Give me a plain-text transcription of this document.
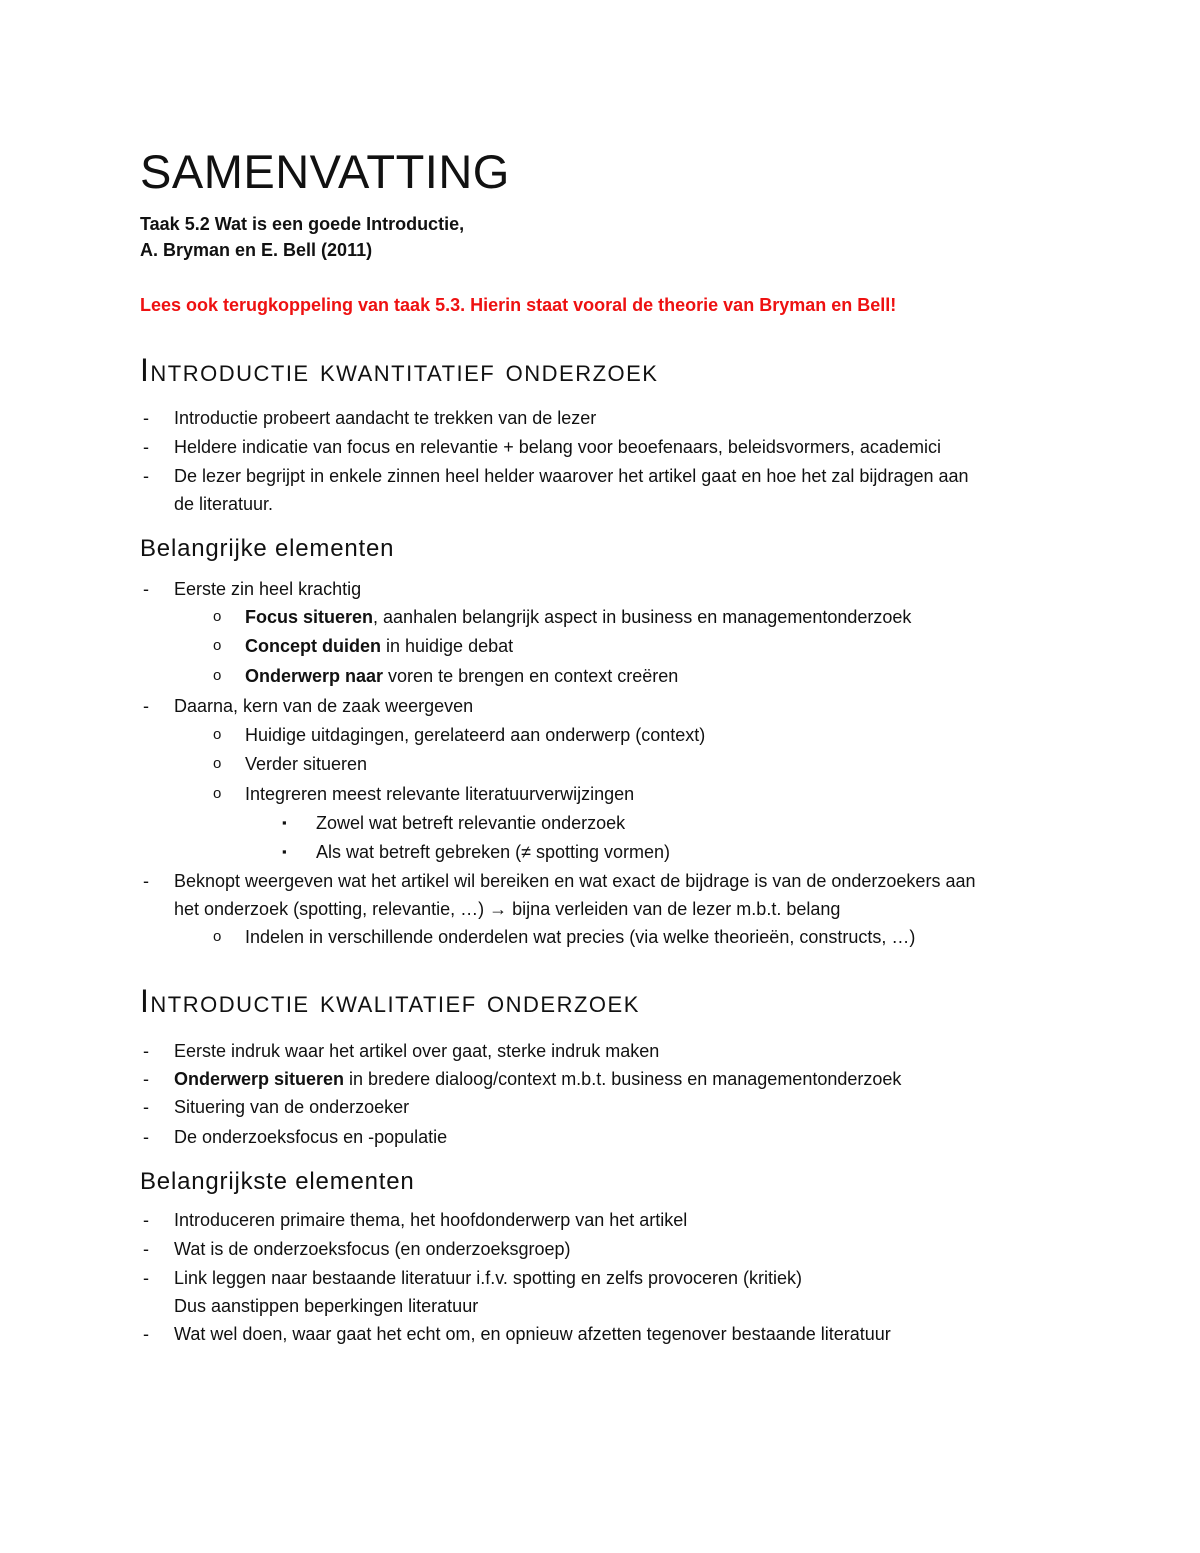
SAMENVATTING
Taak 5.2 Wat is een goede Introductie,
A. Bryman en E. Bell (2011)
Lees ook terugkoppeling van taak 5.3. Hierin staat vooral de theorie van Bryman en Bell!
Introductie kwantitatief onderzoek
- Introductie probeert aandacht te trekken van de lezer
- Heldere indicatie van focus en relevantie + belang voor beoefenaars, beleidsvormers, academici
- De lezer begrijpt in enkele zinnen heel helder waarover het artikel gaat en hoe het zal bijdragen aan
de literatuur.
Belangrijke elementen
- Eerste zin heel krachtig
o Focus situeren, aanhalen belangrijk aspect in business en managementonderzoek
o Concept duiden in huidige debat
o Onderwerp naar voren te brengen en context creëren
- Daarna, kern van de zaak weergeven
o Huidige uitdagingen, gerelateerd aan onderwerp (context)
o Verder situeren
o Integreren meest relevante literatuurverwijzingen
▪ Zowel wat betreft relevantie onderzoek
▪ Als wat betreft gebreken (≠ spotting vormen)
- Beknopt weergeven wat het artikel wil bereiken en wat exact de bijdrage is van de onderzoekers aan
het onderzoek (spotting, relevantie, …) → bijna verleiden van de lezer m.b.t. belang
o Indelen in verschillende onderdelen wat precies (via welke theorieën, constructs, …)
Introductie kwalitatief onderzoek
- Eerste indruk waar het artikel over gaat, sterke indruk maken
- Onderwerp situeren in bredere dialoog/context m.b.t. business en managementonderzoek
- Situering van de onderzoeker
- De onderzoeksfocus en -populatie
Belangrijkste elementen
- Introduceren primaire thema, het hoofdonderwerp van het artikel
- Wat is de onderzoeksfocus (en onderzoeksgroep)
- Link leggen naar bestaande literatuur i.f.v. spotting en zelfs provoceren (kritiek)
Dus aanstippen beperkingen literatuur
- Wat wel doen, waar gaat het echt om, en opnieuw afzetten tegenover bestaande literatuur
